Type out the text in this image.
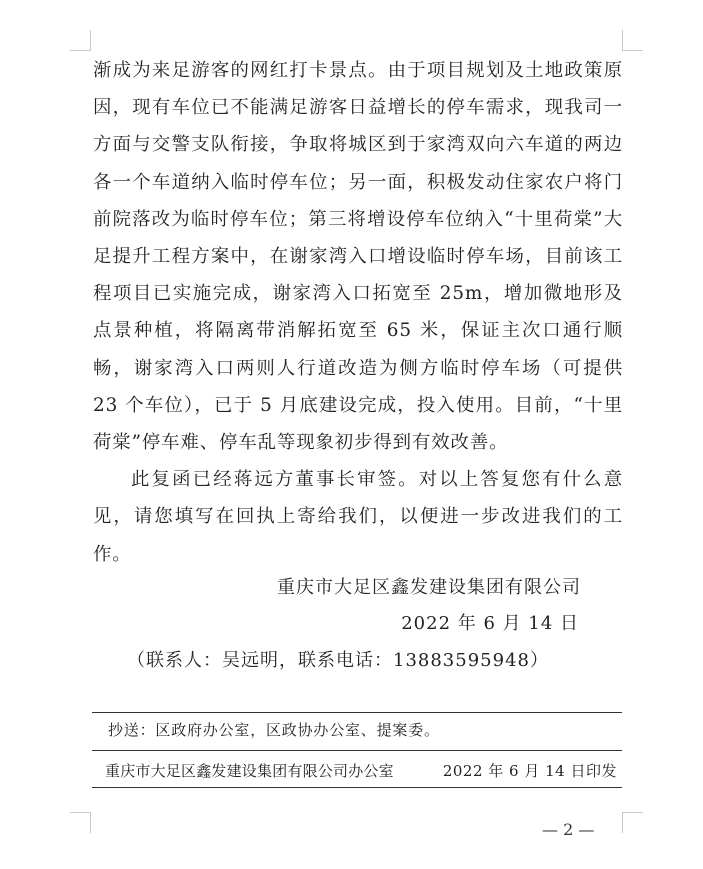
渐成为来足游客的网红打卡景点。由于项目规划及土地政策原因，现有车位已不能满足游客日益增长的停车需求，现我司一方面与交警支队衔接，争取将城区到于家湾双向六车道的两边各一个车道纳入临时停车位；另一面，积极发动住家农户将门前院落改为临时停车位；第三将增设停车位纳入“十里荷棠”大足提升工程方案中，在谢家湾入口增设临时停车场，目前该工程项目已实施完成，谢家湾入口拓宽至 25m，增加微地形及点景种植，将隔离带消解拓宽至 65 米，保证主次口通行顺畅，谢家湾入口两则人行道改造为侧方临时停车场（可提供 23 个车位），已于 5 月底建设完成，投入使用。目前，“十里荷棠”停车难、停车乱等现象初步得到有效改善。

此复函已经蒋远方董事长审签。对以上答复您有什么意见，请您填写在回执上寄给我们，以便进一步改进我们的工作。

重庆市大足区鑫发建设集团有限公司
2022 年 6 月 14 日
（联系人：吴远明，联系电话：13883595948）
抄送：区政府办公室，区政协办公室、提案委。
重庆市大足区鑫发建设集团有限公司办公室	2022 年 6 月 14 日印发
— 2 —
